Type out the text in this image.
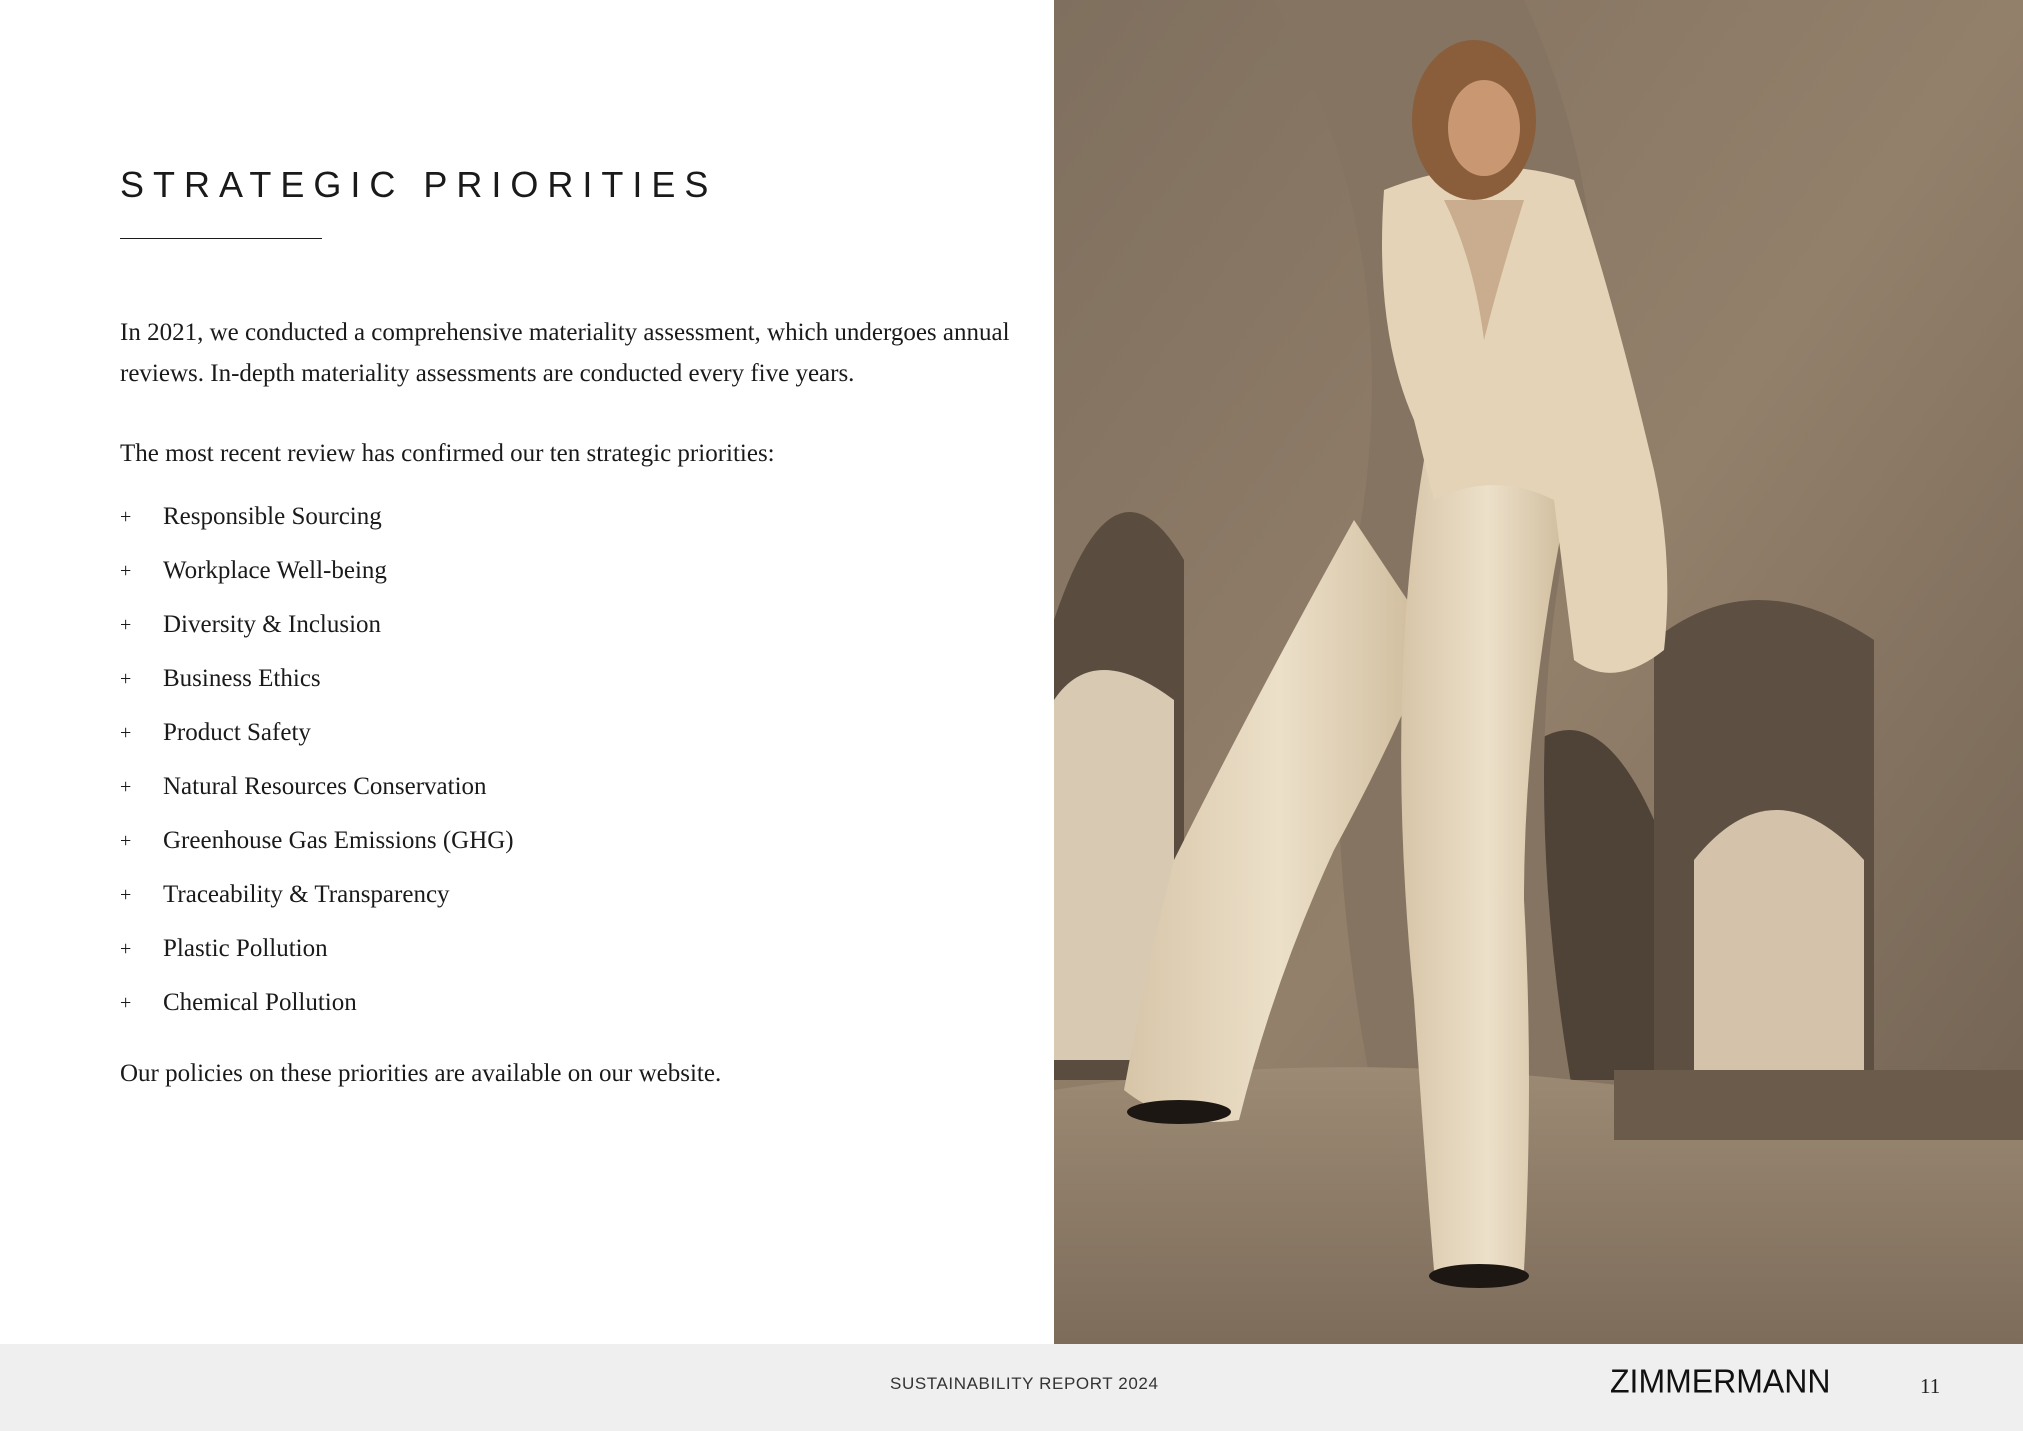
STRATEGIC PRIORITIES

In 2021, we conducted a comprehensive materiality assessment, which undergoes annual reviews. In-depth materiality assessments are conducted every five years.

The most recent review has confirmed our ten strategic priorities:

+	Responsible Sourcing
+	Workplace Well-being
+	Diversity & Inclusion
+	Business Ethics
+	Product Safety
+	Natural Resources Conservation
+	Greenhouse Gas Emissions (GHG)
+	Traceability & Transparency
+	Plastic Pollution
+	Chemical Pollution

Our policies on these priorities are available on our website.

SUSTAINABILITY REPORT 2024	ZIMMERMANN	11
